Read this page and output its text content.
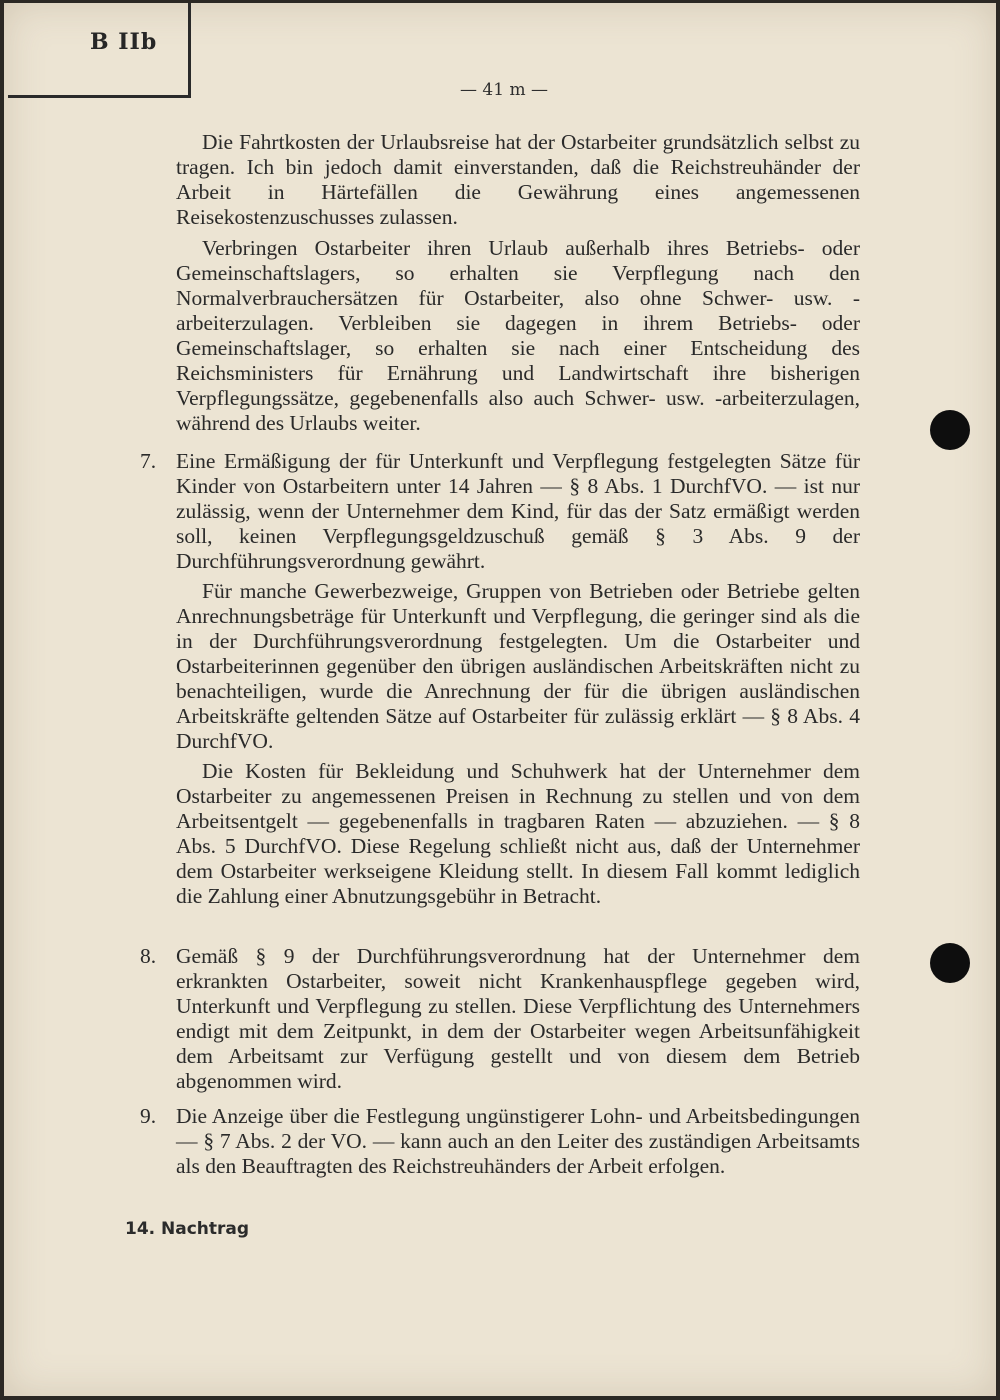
B IIb
— 41 m —
Die Fahrtkosten der Urlaubsreise hat der Ostarbeiter grundsätzlich selbst zu tragen. Ich bin jedoch damit einverstanden, daß die Reichstreuhänder der Arbeit in Härtefällen die Gewährung eines angemessenen Reisekostenzuschusses zulassen.
Verbringen Ostarbeiter ihren Urlaub außerhalb ihres Betriebs- oder Gemeinschaftslagers, so erhalten sie Verpflegung nach den Normalverbrauchersätzen für Ostarbeiter, also ohne Schwer- usw. -arbeiterzulagen. Verbleiben sie dagegen in ihrem Betriebs- oder Gemeinschaftslager, so erhalten sie nach einer Entscheidung des Reichsministers für Ernährung und Landwirtschaft ihre bisherigen Verpflegungssätze, gegebenenfalls also auch Schwer- usw. -arbeiterzulagen, während des Urlaubs weiter.
7. Eine Ermäßigung der für Unterkunft und Verpflegung festgelegten Sätze für Kinder von Ostarbeitern unter 14 Jahren — § 8 Abs. 1 DurchfVO. — ist nur zulässig, wenn der Unternehmer dem Kind, für das der Satz ermäßigt werden soll, keinen Verpflegungsgeldzuschuß gemäß § 3 Abs. 9 der Durchführungsverordnung gewährt.
Für manche Gewerbezweige, Gruppen von Betrieben oder Betriebe gelten Anrechnungsbeträge für Unterkunft und Verpflegung, die geringer sind als die in der Durchführungsverordnung festgelegten. Um die Ostarbeiter und Ostarbeiterinnen gegenüber den übrigen ausländischen Arbeitskräften nicht zu benachteiligen, wurde die Anrechnung der für die übrigen ausländischen Arbeitskräfte geltenden Sätze auf Ostarbeiter für zulässig erklärt — § 8 Abs. 4 DurchfVO.
Die Kosten für Bekleidung und Schuhwerk hat der Unternehmer dem Ostarbeiter zu angemessenen Preisen in Rechnung zu stellen und von dem Arbeitsentgelt — gegebenenfalls in tragbaren Raten — abzuziehen. — § 8 Abs. 5 DurchfVO. Diese Regelung schließt nicht aus, daß der Unternehmer dem Ostarbeiter werkseigene Kleidung stellt. In diesem Fall kommt lediglich die Zahlung einer Abnutzungsgebühr in Betracht.
8. Gemäß § 9 der Durchführungsverordnung hat der Unternehmer dem erkrankten Ostarbeiter, soweit nicht Krankenhauspflege gegeben wird, Unterkunft und Verpflegung zu stellen. Diese Verpflichtung des Unternehmers endigt mit dem Zeitpunkt, in dem der Ostarbeiter wegen Arbeitsunfähigkeit dem Arbeitsamt zur Verfügung gestellt und von diesem dem Betrieb abgenommen wird.
9. Die Anzeige über die Festlegung ungünstigerer Lohn- und Arbeitsbedingungen — § 7 Abs. 2 der VO. — kann auch an den Leiter des zuständigen Arbeitsamts als den Beauftragten des Reichstreuhänders der Arbeit erfolgen.
14. Nachtrag
